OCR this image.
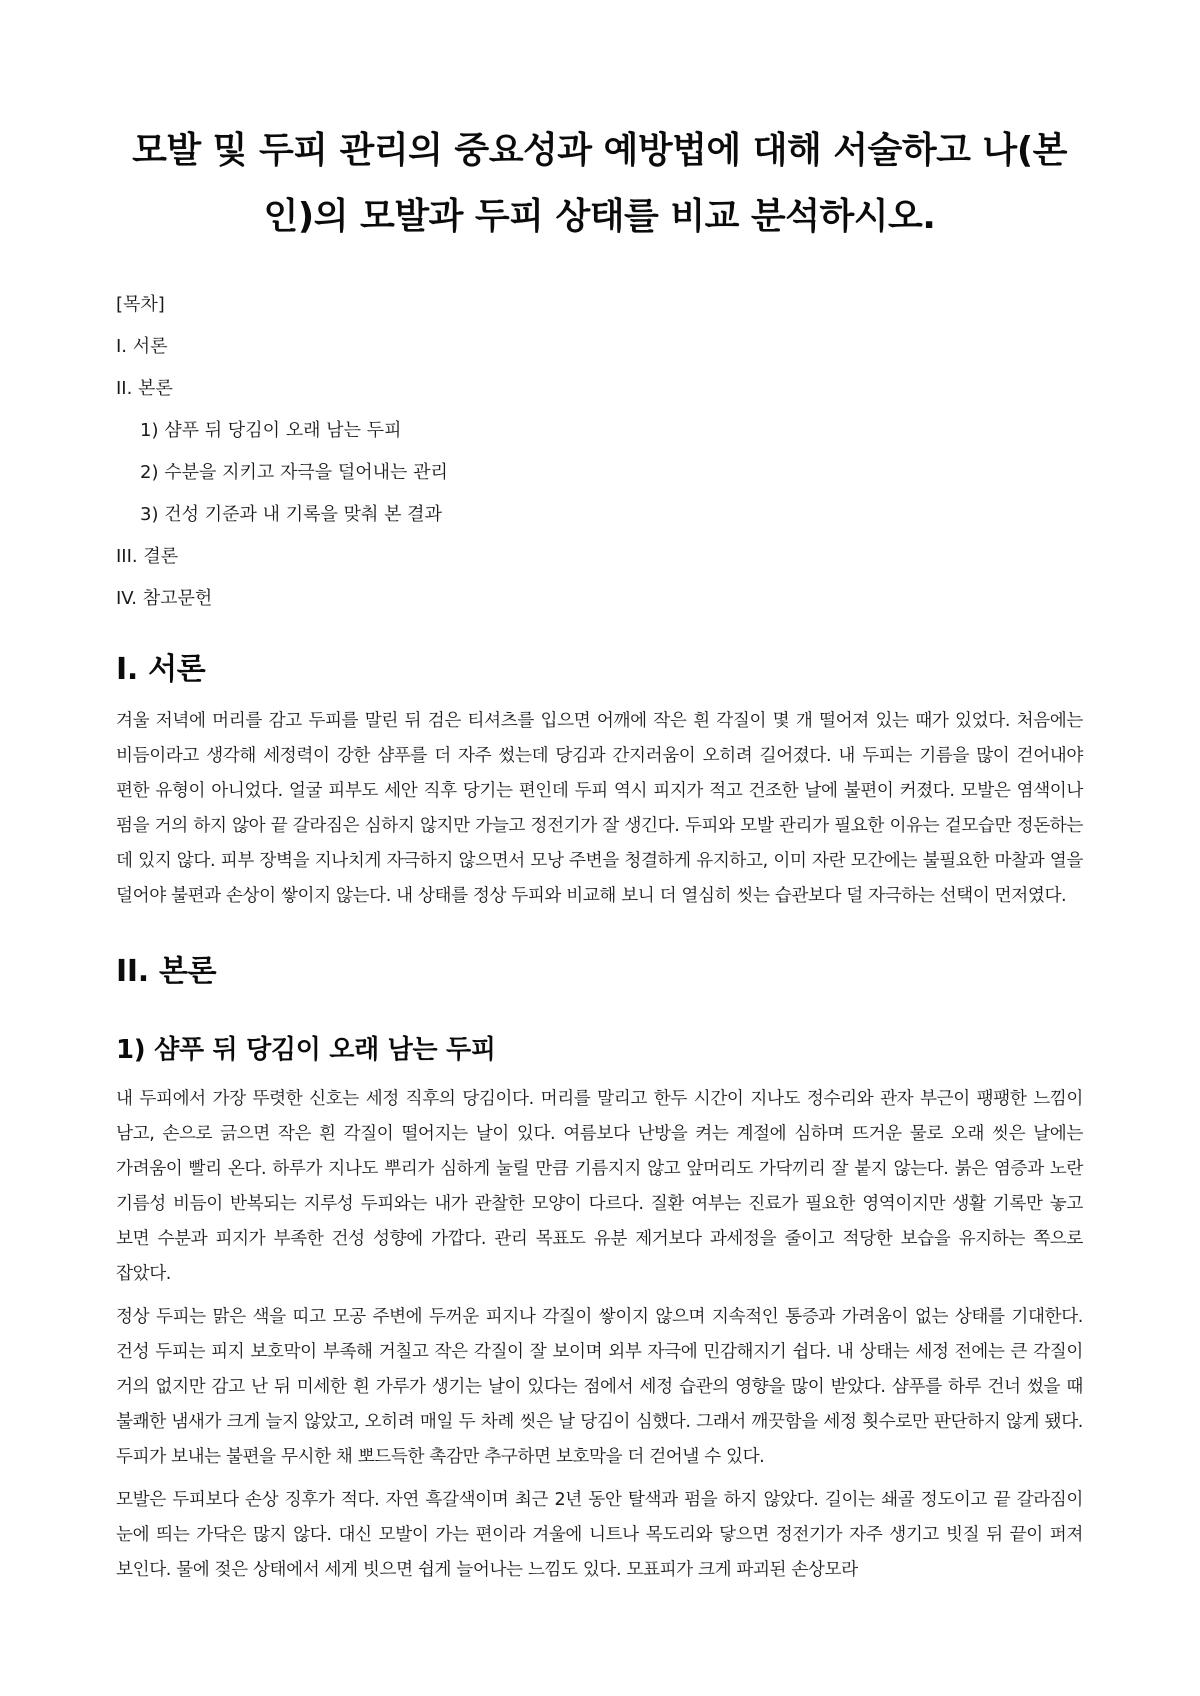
모발 및 두피 관리의 중요성과 예방법에 대해 서술하고 나(본인)의 모발과 두피 상태를 비교 분석하시오.
[목차]
I. 서론
II. 본론
1) 샴푸 뒤 당김이 오래 남는 두피
2) 수분을 지키고 자극을 덜어내는 관리
3) 건성 기준과 내 기록을 맞춰 본 결과
III. 결론
IV. 참고문헌
I. 서론

겨울 저녁에 머리를 감고 두피를 말린 뒤 검은 티셔츠를 입으면 어깨에 작은 흰 각질이 몇 개 떨어져 있는 때가 있었다. 처음에는 비듬이라고 생각해 세정력이 강한 샴푸를 더 자주 썼는데 당김과 간지러움이 오히려 길어졌다. 내 두피는 기름을 많이 걷어내야 편한 유형이 아니었다. 얼굴 피부도 세안 직후 당기는 편인데 두피 역시 피지가 적고 건조한 날에 불편이 커졌다. 모발은 염색이나 펌을 거의 하지 않아 끝 갈라짐은 심하지 않지만 가늘고 정전기가 잘 생긴다. 두피와 모발 관리가 필요한 이유는 겉모습만 정돈하는 데 있지 않다. 피부 장벽을 지나치게 자극하지 않으면서 모낭 주변을 청결하게 유지하고, 이미 자란 모간에는 불필요한 마찰과 열을 덜어야 불편과 손상이 쌓이지 않는다. 내 상태를 정상 두피와 비교해 보니 더 열심히 씻는 습관보다 덜 자극하는 선택이 먼저였다.

II. 본론
1) 샴푸 뒤 당김이 오래 남는 두피

내 두피에서 가장 뚜렷한 신호는 세정 직후의 당김이다. 머리를 말리고 한두 시간이 지나도 정수리와 관자 부근이 팽팽한 느낌이 남고, 손으로 긁으면 작은 흰 각질이 떨어지는 날이 있다. 여름보다 난방을 켜는 계절에 심하며 뜨거운 물로 오래 씻은 날에는 가려움이 빨리 온다. 하루가 지나도 뿌리가 심하게 눌릴 만큼 기름지지 않고 앞머리도 가닥끼리 잘 붙지 않는다. 붉은 염증과 노란 기름성 비듬이 반복되는 지루성 두피와는 내가 관찰한 모양이 다르다. 질환 여부는 진료가 필요한 영역이지만 생활 기록만 놓고 보면 수분과 피지가 부족한 건성 성향에 가깝다. 관리 목표도 유분 제거보다 과세정을 줄이고 적당한 보습을 유지하는 쪽으로 잡았다.

정상 두피는 맑은 색을 띠고 모공 주변에 두꺼운 피지나 각질이 쌓이지 않으며 지속적인 통증과 가려움이 없는 상태를 기대한다. 건성 두피는 피지 보호막이 부족해 거칠고 작은 각질이 잘 보이며 외부 자극에 민감해지기 쉽다. 내 상태는 세정 전에는 큰 각질이 거의 없지만 감고 난 뒤 미세한 흰 가루가 생기는 날이 있다는 점에서 세정 습관의 영향을 많이 받았다. 샴푸를 하루 건너 썼을 때 불쾌한 냄새가 크게 늘지 않았고, 오히려 매일 두 차례 씻은 날 당김이 심했다. 그래서 깨끗함을 세정 횟수로만 판단하지 않게 됐다. 두피가 보내는 불편을 무시한 채 뽀드득한 촉감만 추구하면 보호막을 더 걷어낼 수 있다.

모발은 두피보다 손상 징후가 적다. 자연 흑갈색이며 최근 2년 동안 탈색과 펌을 하지 않았다. 길이는 쇄골 정도이고 끝 갈라짐이 눈에 띄는 가닥은 많지 않다. 대신 모발이 가는 편이라 겨울에 니트나 목도리와 닿으면 정전기가 자주 생기고 빗질 뒤 끝이 퍼져 보인다. 물에 젖은 상태에서 세게 빗으면 쉽게 늘어나는 느낌도 있다. 모표피가 크게 파괴된 손상모라
